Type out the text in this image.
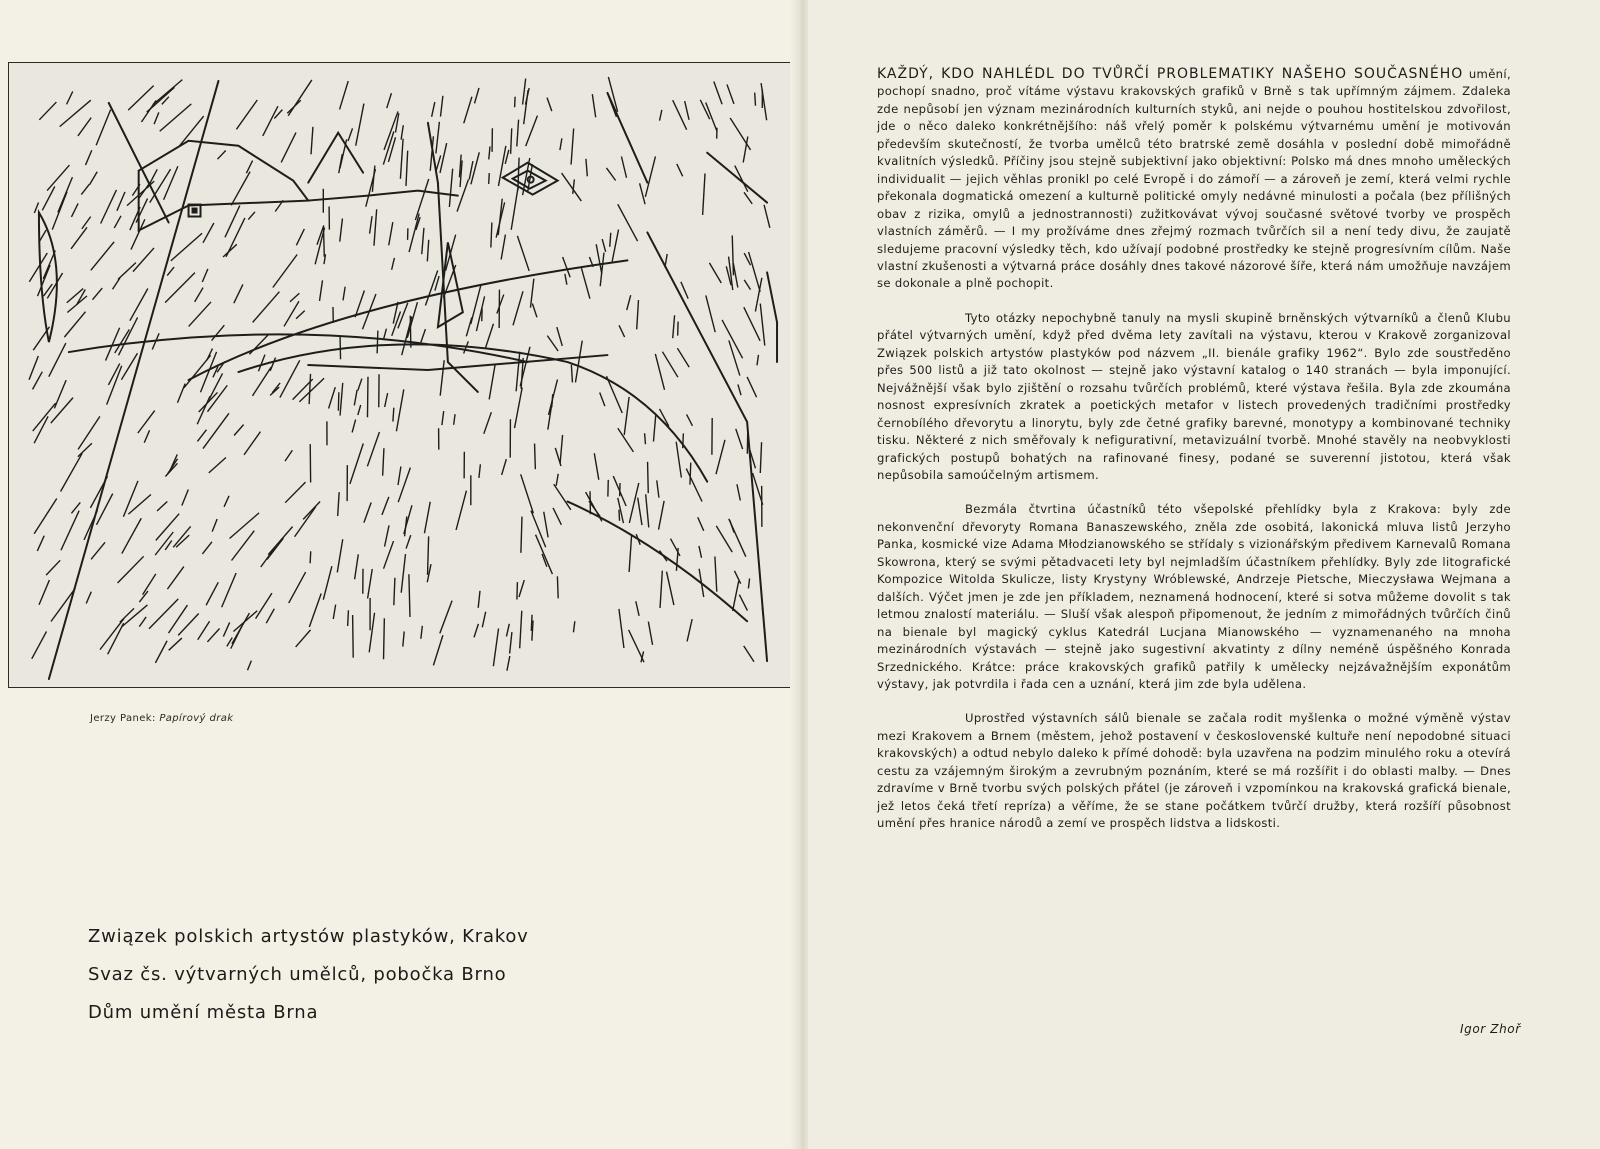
Jerzy Panek: Papírový drak
Związek polskich artystów plastyków, Krakov
Svaz čs. výtvarných umělců, pobočka Brno
Dům umění města Brna

KAŽDÝ, KDO NAHLÉDL DO TVŮRČÍ PROBLEMATIKY NAŠEHO SOUČASNÉHO umění, pochopí snadno, proč vítáme výstavu krakovských grafiků v Brně s tak upřímným zájmem. Zdaleka zde nepůsobí jen význam mezinárodních kulturních styků, ani nejde o pouhou hostitelskou zdvořilost, jde o něco daleko konkrétnějšího: náš vřelý poměr k polskému výtvarnému umění je motivován především skutečností, že tvorba umělců této bratrské země dosáhla v poslední době mimořádně kvalitních výsledků. Příčiny jsou stejně subjektivní jako objektivní: Polsko má dnes mnoho uměleckých individualit — jejich věhlas pronikl po celé Evropě i do zámoří — a zároveň je zemí, která velmi rychle překonala dogmatická omezení a kulturně politické omyly nedávné minulosti a počala (bez přílišných obav z rizika, omylů a jednostrannosti) zužitkovávat vývoj současné světové tvorby ve prospěch vlastních záměrů. — I my prožíváme dnes zřejmý rozmach tvůrčích sil a není tedy divu, že zaujatě sledujeme pracovní výsledky těch, kdo užívají podobné prostředky ke stejně progresívním cílům. Naše vlastní zkušenosti a výtvarná práce dosáhly dnes takové názorové šíře, která nám umožňuje navzájem se dokonale a plně pochopit.

Tyto otázky nepochybně tanuly na mysli skupině brněnských výtvarníků a členů Klubu přátel výtvarných umění, když před dvěma lety zavítali na výstavu, kterou v Krakově zorganizoval Związek polskich artystów plastyków pod názvem „II. bienále grafiky 1962“. Bylo zde soustředěno přes 500 listů a již tato okolnost — stejně jako výstavní katalog o 140 stranách — byla imponující. Nejvážnější však bylo zjištění o rozsahu tvůrčích problémů, které výstava řešila. Byla zde zkoumána nosnost expresívních zkratek a poetických metafor v listech provedených tradičními prostředky černobílého dřevorytu a linorytu, byly zde četné grafiky barevné, monotypy a kombinované techniky tisku. Některé z nich směřovaly k nefigurativní, metavizuální tvorbě. Mnohé stavěly na neobvyklosti grafických postupů bohatých na rafinované finesy, podané se suverenní jistotou, která však nepůsobila samoúčelným artismem.

Bezmála čtvrtina účastníků této všepolské přehlídky byla z Krakova: byly zde nekonvenční dřevoryty Romana Banaszewského, zněla zde osobitá, lakonická mluva listů Jerzyho Panka, kosmické vize Adama Młodzianowského se střídaly s vizionářským předivem Karnevalů Romana Skowrona, který se svými pětadvaceti lety byl nejmladším účastníkem přehlídky. Byly zde litografické Kompozice Witolda Skulicze, listy Krystyny Wróblewské, Andrzeje Pietsche, Mieczysława Wejmana a dalších. Výčet jmen je zde jen příkladem, neznamená hodnocení, které si sotva můžeme dovolit s tak letmou znalostí materiálu. — Sluší však alespoň připomenout, že jedním z mimořádných tvůrčích činů na bienale byl magický cyklus Katedrál Lucjana Mianowského — vyznamenaného na mnoha mezinárodních výstavách — stejně jako sugestivní akvatinty z dílny neméně úspěšného Konrada Srzednického. Krátce: práce krakovských grafiků patřily k umělecky nejzávažnějším exponátům výstavy, jak potvrdila i řada cen a uznání, která jim zde byla udělena.

Uprostřed výstavních sálů bienale se začala rodit myšlenka o možné výměně výstav mezi Krakovem a Brnem (městem, jehož postavení v československé kultuře není nepodobné situaci krakovských) a odtud nebylo daleko k přímé dohodě: byla uzavřena na podzim minulého roku a otevírá cestu za vzájemným širokým a zevrubným poznáním, které se má rozšířit i do oblasti malby. — Dnes zdravíme v Brně tvorbu svých polských přátel (je zároveň i vzpomínkou na krakovská grafická bienale, jež letos čeká třetí repríza) a věříme, že se stane počátkem tvůrčí družby, která rozšíří působnost umění přes hranice národů a zemí ve prospěch lidstva a lidskosti.

Igor Zhoř
